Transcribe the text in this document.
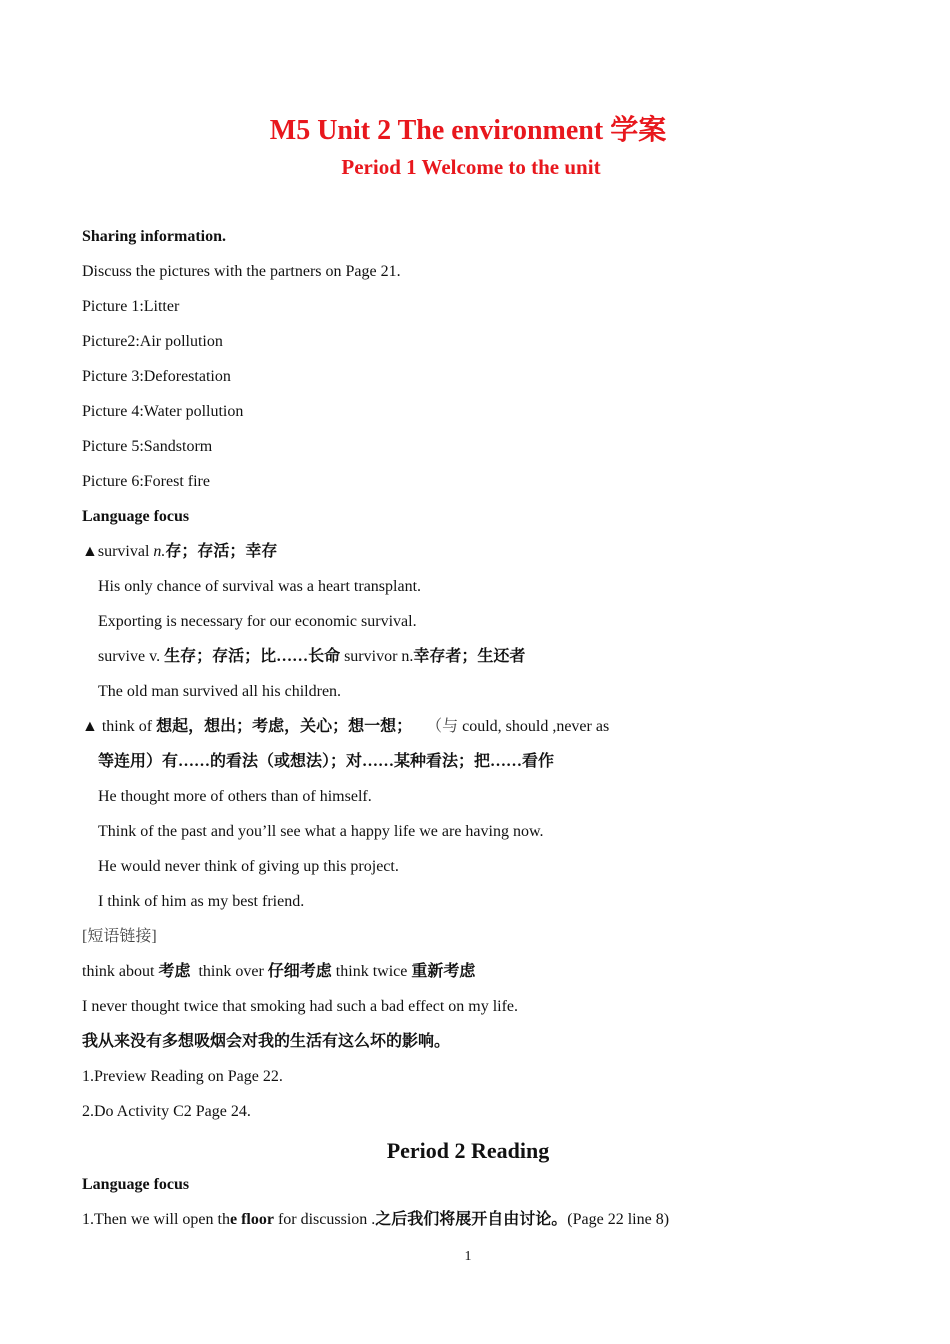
M5 Unit 2 The environment 学案
Period 1 Welcome to the unit
Sharing information.
Discuss the pictures with the partners on Page 21.
Picture 1:Litter
Picture2:Air pollution
Picture 3:Deforestation
Picture 4:Water pollution
Picture 5:Sandstorm
Picture 6:Forest fire
Language focus
▲survival n.存；存活；幸存
His only chance of survival was a heart transplant.
Exporting is necessary for our economic survival.
survive v. 生存；存活；比……长命 survivor n.幸存者；生还者
The old man survived all his children.
▲ think of 想起，想出；考虑，关心；想一想； （与 could, should ,never as
等连用）有……的看法（或想法）；对……某种看法；把……看作
He thought more of others than of himself.
Think of the past and you’ll see what a happy life we are having now.
He would never think of giving up this project.
I think of him as my best friend.
[短语链接]
think about 考虑  think over 仔细考虑 think twice 重新考虑
I never thought twice that smoking had such a bad effect on my life.
我从来没有多想吸烟会对我的生活有这么坏的影响。
1.Preview Reading on Page 22.
2.Do Activity C2 Page 24.
Period 2 Reading
Language focus
1.Then we will open the floor for discussion .之后我们将展开自由讨论。(Page 22 line 8)
1
